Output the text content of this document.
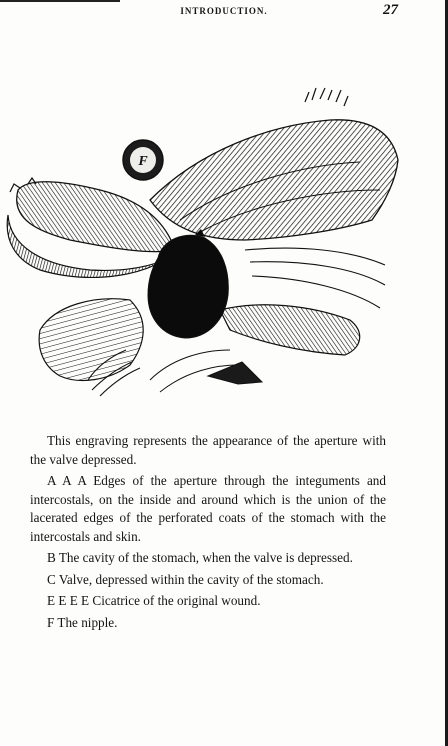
INTRODUCTION.	27
F

This engraving represents the appearance of the aperture with the valve depressed.

A A A Edges of the aperture through the integuments and intercostals, on the inside and around which is the union of the lacerated edges of the perforated coats of the stomach with the intercostals and skin.

B The cavity of the stomach, when the valve is depressed.

C Valve, depressed within the cavity of the stomach.

E E E E Cicatrice of the original wound.

F The nipple.
